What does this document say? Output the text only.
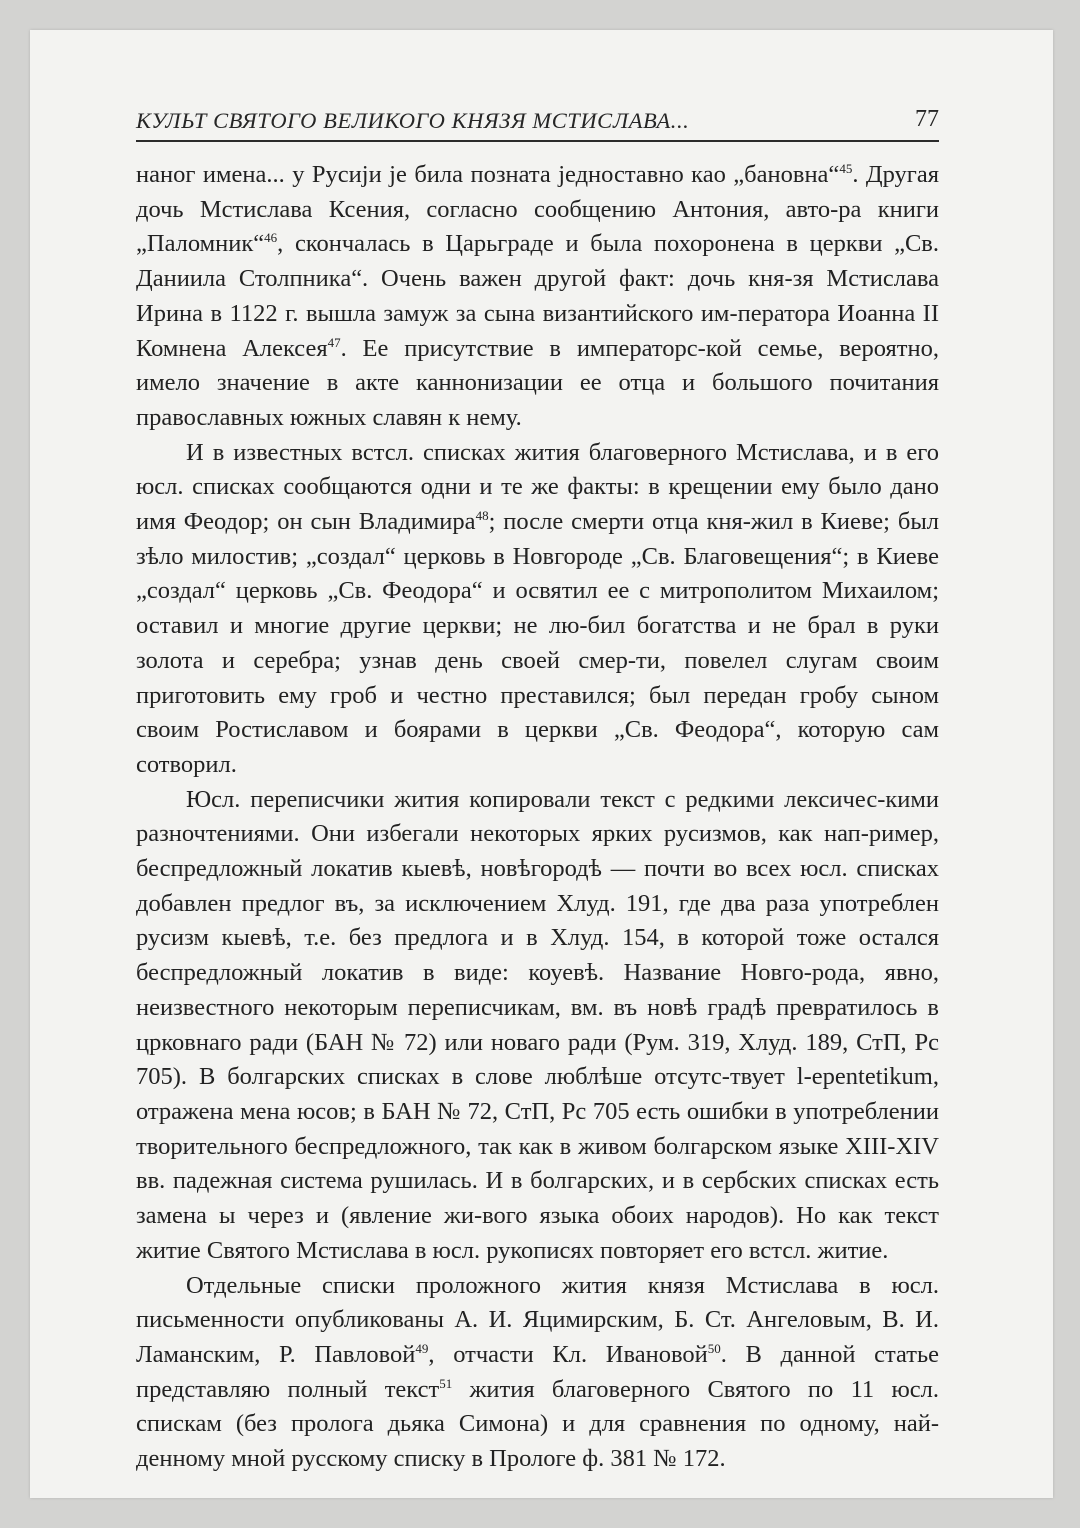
КУЛЬТ СВЯТОГО ВЕЛИКОГО КНЯЗЯ МСТИСЛАВА...	77

наног имена... у Русији је била позната једноставно као „бановна“$^{45}$. Другая дочь Мстислава Ксения, согласно сообщению Антония, авто-ра книги „Паломник“$^{46}$, скончалась в Царьграде и была похоронена в церкви „Св. Даниила Столпника“. Очень важен другой факт: дочь кня-зя Мстислава Ирина в 1122 г. вышла замуж за сына византийского им-ператора Иоанна II Комнена Алексея$^{47}$. Ее присутствие в императорс-кой семье, вероятно, имело значение в акте каннонизации ее отца и большого почитания православных южных славян к нему.

И в известных встсл. списках жития благоверного Мстислава, и в его юсл. списках сообщаются одни и те же факты: в крещении ему было дано имя Феодор; он сын Владимира$^{48}$; после смерти отца кня-жил в Киеве; был зѣло милостив; „создал“ церковь в Новгороде „Св. Благовещения“; в Киеве „создал“ церковь „Св. Феодора“ и освятил ее с митрополитом Михаилом; оставил и многие другие церкви; не лю-бил богатства и не брал в руки золота и серебра; узнав день своей смер-ти, повелел слугам своим приготовить ему гроб и честно преставился; был передан гробу сыном своим Ростиславом и боярами в церкви „Св. Феодора“, которую сам сотворил.

Юсл. переписчики жития копировали текст с редкими лексичес-кими разночтениями. Они избегали некоторых ярких русизмов, как нап-ример, беспредложный локатив кыевѣ, новѣгородѣ — почти во всех юсл. списках добавлен предлог въ, за исключением Хлуд. 191, где два раза употреблен русизм кыевѣ, т.е. без предлога и в Хлуд. 154, в которой тоже остался беспредложный локатив в виде: коуевѣ. Название Новго-рода, явно, неизвестного некоторым переписчикам, вм. въ новѣ градѣ превратилось в црковнаго ради (БАН № 72) или новаго ради (Рум. 319, Хлуд. 189, СтП, Рс 705). В болгарских списках в слове люблѣше отсутс-твует l-epentetikum, отражена мена юсов; в БАН № 72, СтП, Рс 705 есть ошибки в употреблении творительного беспредложного, так как в живом болгарском языке XIII-XIV вв. падежная система рушилась. И в болгарских, и в сербских списках есть замена ы через и (явление жи-вого языка обоих народов). Но как текст житие Святого Мстислава в юсл. рукописях повторяет его встсл. житие.

Отдельные списки проложного жития князя Мстислава в юсл. письменности опубликованы А. И. Яцимирским, Б. Ст. Ангеловым, В. И. Ламанским, Р. Павловой$^{49}$, отчасти Кл. Ивановой$^{50}$. В данной статье представляю полный текст$^{51}$ жития благоверного Святого по 11 юсл. спискам (без пролога дьяка Симона) и для сравнения по одному, най-денному мной русскому списку в Прологе ф. 381 № 172.
